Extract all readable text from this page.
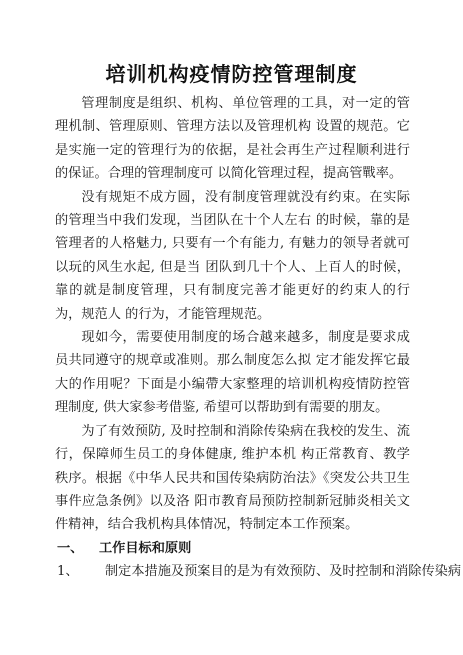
培训机构疫情防控管理制度

管理制度是组织、机构、单位管理的工具，对一定的管理机制、管理原则、管理方法以及管理机构 设置的规范。它是实施一定的管理行为的依据，是社会再生产过程顺利进行的保证。合理的管理制度可 以简化管理过程，提高管戰率。

没有规矩不成方圆，没有制度管理就没有约束。在实际的管理当中我们发现，当团队在十个人左右 的时候，靠的是管理者的人格魅力, 只要有一个有能力, 有魅力的领导者就可以玩的风生水起, 但是当 团队到几十个人、上百人的时候，靠的就是制度管理，只有制度完善才能更好的约束人的行为，规范人 的行为，才能管理规范。

现如今，需要使用制度的场合越来越多，制度是要求成员共同遵守的规章或准则。那么制度怎么拟 定才能发挥它最大的作用呢？下面是小编帶大家整理的培训机构疫情防控管理制度, 供大家参考借鉴, 希望可以帮助到有需要的朋友。

为了有效预防, 及时控制和消除传染病在我校的发生、流行，保障师生员工的身体健康, 维护本机 构正常教育、教学秩序。根据《中华人民共和国传染病防治法》《突发公共卫生事件应急条例》以及洛 阳市教育局预防控制新冠肺炎相关文件精神，结合我机构具体情况，特制定本工作预案。

一、	工作目标和原则

1、	制定本措施及预案目的是为有效预防、及时控制和消除传染病
